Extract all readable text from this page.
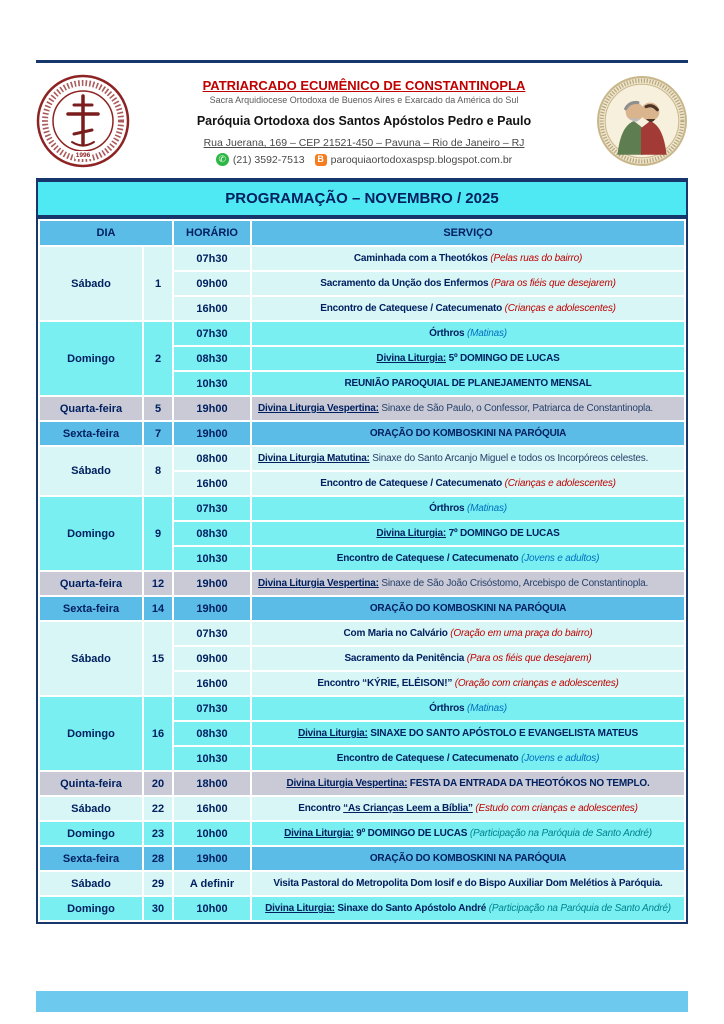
1996
PATRIARCADO ECUMÊNICO DE CONSTANTINOPLA
Sacra Arquidiocese Ortodoxa de Buenos Aires e Exarcado da América do Sul
Paróquia Ortodoxa dos Santos Apóstolos Pedro e Paulo
Rua Juerana, 169 – CEP 21521-450 – Pavuna – Rio de Janeiro – RJ
✆ (21) 3592-7513	B paroquiaortodoxaspsp.blogspot.com.br
PROGRAMAÇÃO – NOVEMBRO / 2025
DIA		HORÁRIO	SERVIÇO
Sábado	1	07h30	Caminhada com a Theotókos (Pelas ruas do bairro)
		09h00	Sacramento da Unção dos Enfermos (Para os fiéis que desejarem)
		16h00	Encontro de Catequese / Catecumenato (Crianças e adolescentes)
Domingo	2	07h30	Órthros (Matinas)
		08h30	Divina Liturgia: 5º DOMINGO DE LUCAS
		10h30	REUNIÃO PAROQUIAL DE PLANEJAMENTO MENSAL
Quarta-feira	5	19h00	Divina Liturgia Vespertina: Sinaxe de São Paulo, o Confessor, Patriarca de Constantinopla.
Sexta-feira	7	19h00	ORAÇÃO DO KOMBOSKINI NA PARÓQUIA
Sábado	8	08h00	Divina Liturgia Matutina: Sinaxe do Santo Arcanjo Miguel e todos os Incorpóreos celestes.
		16h00	Encontro de Catequese / Catecumenato (Crianças e adolescentes)
Domingo	9	07h30	Órthros (Matinas)
		08h30	Divina Liturgia: 7º DOMINGO DE LUCAS
		10h30	Encontro de Catequese / Catecumenato (Jovens e adultos)
Quarta-feira	12	19h00	Divina Liturgia Vespertina: Sinaxe de São João Crisóstomo, Arcebispo de Constantinopla.
Sexta-feira	14	19h00	ORAÇÃO DO KOMBOSKINI NA PARÓQUIA
Sábado	15	07h30	Com Maria no Calvário (Oração em uma praça do bairro)
		09h00	Sacramento da Penitência (Para os fiéis que desejarem)
		16h00	Encontro “KÝRIE, ELÉISON!” (Oração com crianças e adolescentes)
Domingo	16	07h30	Órthros (Matinas)
		08h30	Divina Liturgia: SINAXE DO SANTO APÓSTOLO E EVANGELISTA MATEUS
		10h30	Encontro de Catequese / Catecumenato (Jovens e adultos)
Quinta-feira	20	18h00	Divina Liturgia Vespertina: FESTA DA ENTRADA DA THEOTÓKOS NO TEMPLO.
Sábado	22	16h00	Encontro “As Crianças Leem a Bíblia” (Estudo com crianças e adolescentes)
Domingo	23	10h00	Divina Liturgia: 9º DOMINGO DE LUCAS (Participação na Paróquia de Santo André)
Sexta-feira	28	19h00	ORAÇÃO DO KOMBOSKINI NA PARÓQUIA
Sábado	29	A definir	Visita Pastoral do Metropolita Dom Iosif e do Bispo Auxiliar Dom Melétios à Paróquia.
Domingo	30	10h00	Divina Liturgia: Sinaxe do Santo Apóstolo André (Participação na Paróquia de Santo André)
